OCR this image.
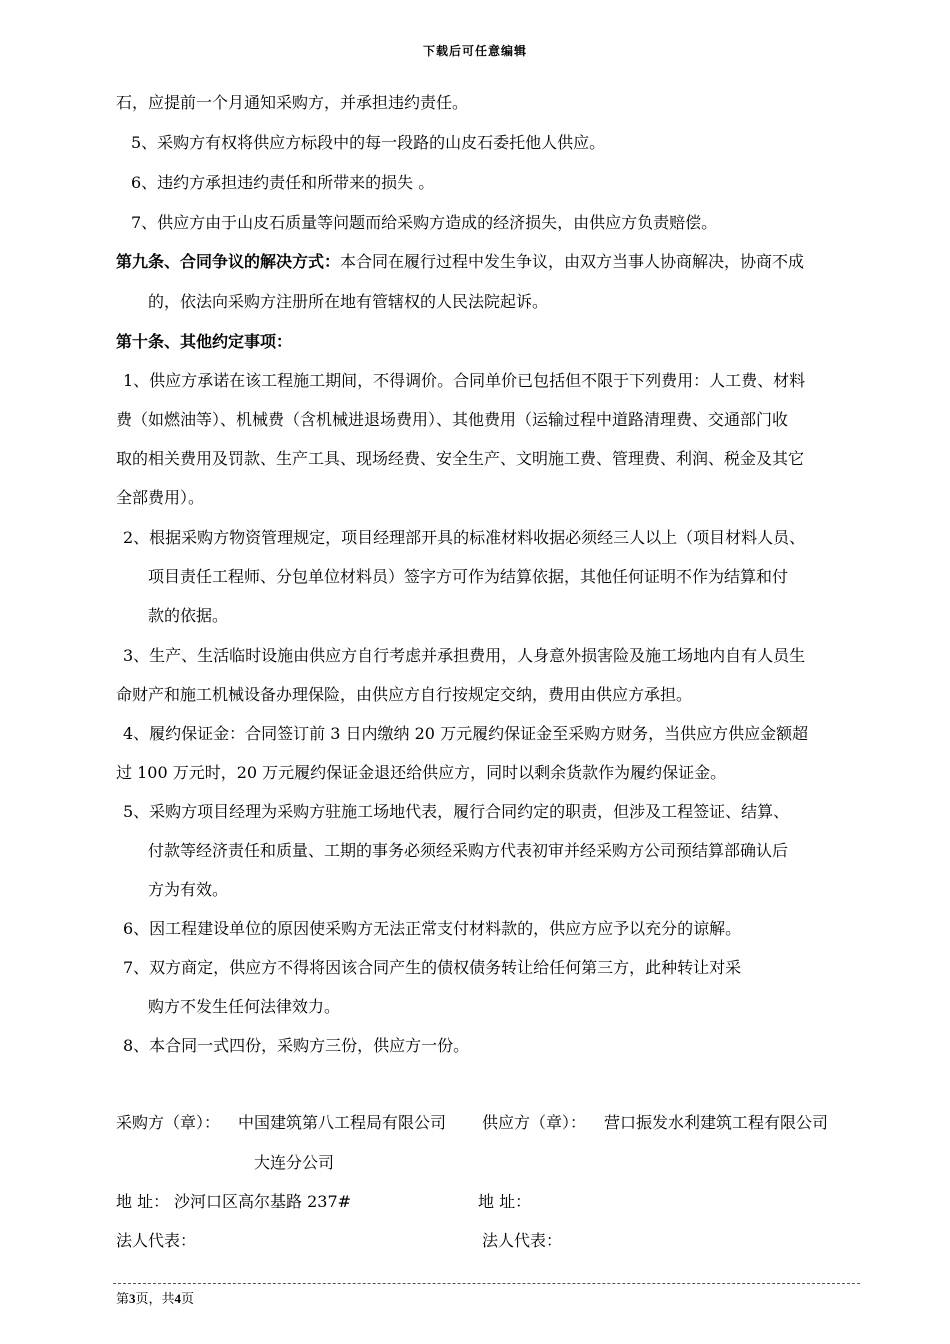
下载后可任意编辑
石，应提前一个月通知采购方，并承担违约责任。
5、采购方有权将供应方标段中的每一段路的山皮石委托他人供应。
6、违约方承担违约责任和所带来的损失 。
7、供应方由于山皮石质量等问题而给采购方造成的经济损失，由供应方负责赔偿。
第九条、合同争议的解决方式：本合同在履行过程中发生争议，由双方当事人协商解决，协商不成
的，依法向采购方注册所在地有管辖权的人民法院起诉。
第十条、其他约定事项：
1、供应方承诺在该工程施工期间，不得调价。合同单价已包括但不限于下列费用：人工费、材料
费（如燃油等）、机械费（含机械进退场费用）、其他费用（运输过程中道路清理费、交通部门收
取的相关费用及罚款、生产工具、现场经费、安全生产、文明施工费、管理费、利润、税金及其它
全部费用）。
2、根据采购方物资管理规定，项目经理部开具的标准材料收据必须经三人以上（项目材料人员、
项目责任工程师、分包单位材料员）签字方可作为结算依据，其他任何证明不作为结算和付
款的依据。
3、生产、生活临时设施由供应方自行考虑并承担费用，人身意外损害险及施工场地内自有人员生
命财产和施工机械设备办理保险，由供应方自行按规定交纳，费用由供应方承担。
4、履约保证金：合同签订前 3 日内缴纳 20 万元履约保证金至采购方财务，当供应方供应金额超
过 100 万元时，20 万元履约保证金退还给供应方，同时以剩余货款作为履约保证金。
5、采购方项目经理为采购方驻施工场地代表，履行合同约定的职责，但涉及工程签证、结算、
付款等经济责任和质量、工期的事务必须经采购方代表初审并经采购方公司预结算部确认后
方为有效。
6、因工程建设单位的原因使采购方无法正常支付材料款的，供应方应予以充分的谅解。
7、双方商定，供应方不得将因该合同产生的债权债务转让给任何第三方，此种转让对采
购方不发生任何法律效力。
8、本合同一式四份，采购方三份，供应方一份。
采购方（章）： 中国建筑第八工程局有限公司 供应方（章）： 营口振发水利建筑工程有限公司
大连分公司
地 址： 沙河口区高尔基路 237#	地 址：
法人代表：	法人代表：
第3页，共4页
